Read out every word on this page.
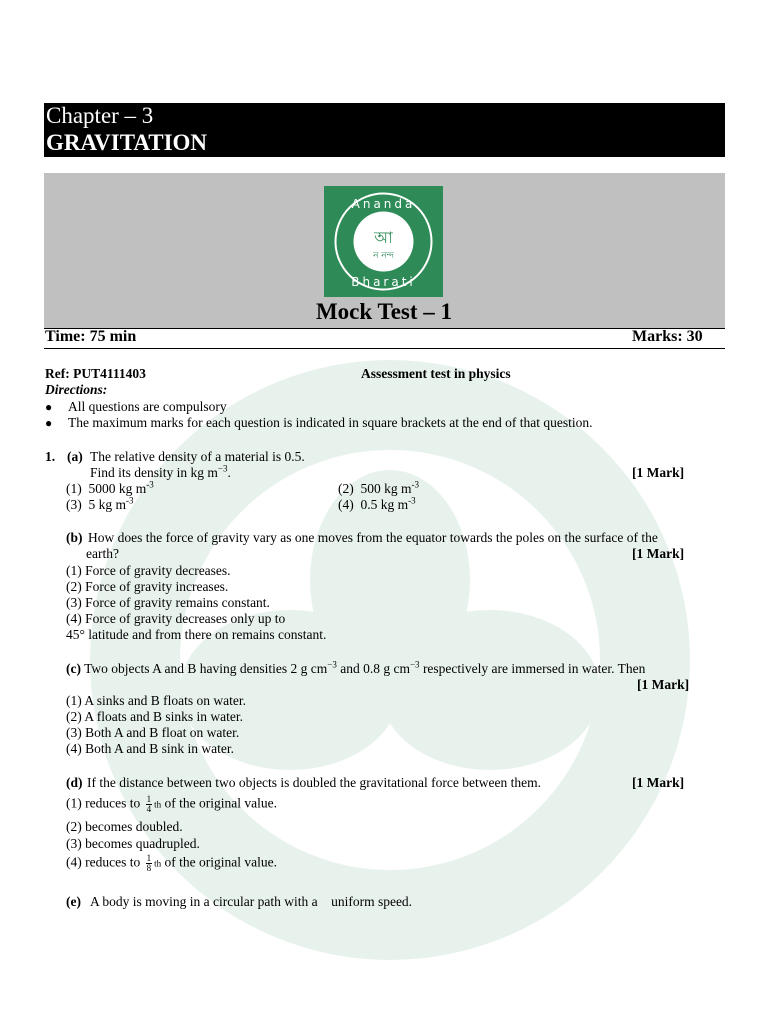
Chapter – 3
GRAVITATION
Ananda
Bharati
আ
ন নন্দ
Mock Test – 1
Time: 75 min	Marks: 30
Ref: PUT4111403	Assessment test in physics
Directions:
● All questions are compulsory
● The maximum marks for each question is indicated in square brackets at the end of that question.
1. (a) The relative density of a material is 0.5.
Find its density in kg $m^{-3}$.	[1 Mark]
(1) 5000 kg $m^{-3}$	(2) 500 kg $m^{-3}$
(3) 5 kg $m^{-3}$	(4) 0.5 kg $m^{-3}$
(b) How does the force of gravity vary as one moves from the equator towards the poles on the surface of the
earth?	[1 Mark]
(1) Force of gravity decreases.
(2) Force of gravity increases.
(3) Force of gravity remains constant.
(4) Force of gravity decreases only up to
45° latitude and from there on remains constant.
(c) Two objects A and B having densities 2 g $cm^{-3}$ and 0.8 g $cm^{-3}$ respectively are immersed in water. Then
[1 Mark]
(1) A sinks and B floats on water.
(2) A floats and B sinks in water.
(3) Both A and B float on water.
(4) Both A and B sink in water.
(d) If the distance between two objects is doubled the gravitational force between them.	[1 Mark]
(1) reduces to $\frac{1}{4}$ th of the original value.
(2) becomes doubled.
(3) becomes quadrupled.
(4) reduces to $\frac{1}{8}$ th of the original value.
(e) A body is moving in a circular path with a    uniform speed.
